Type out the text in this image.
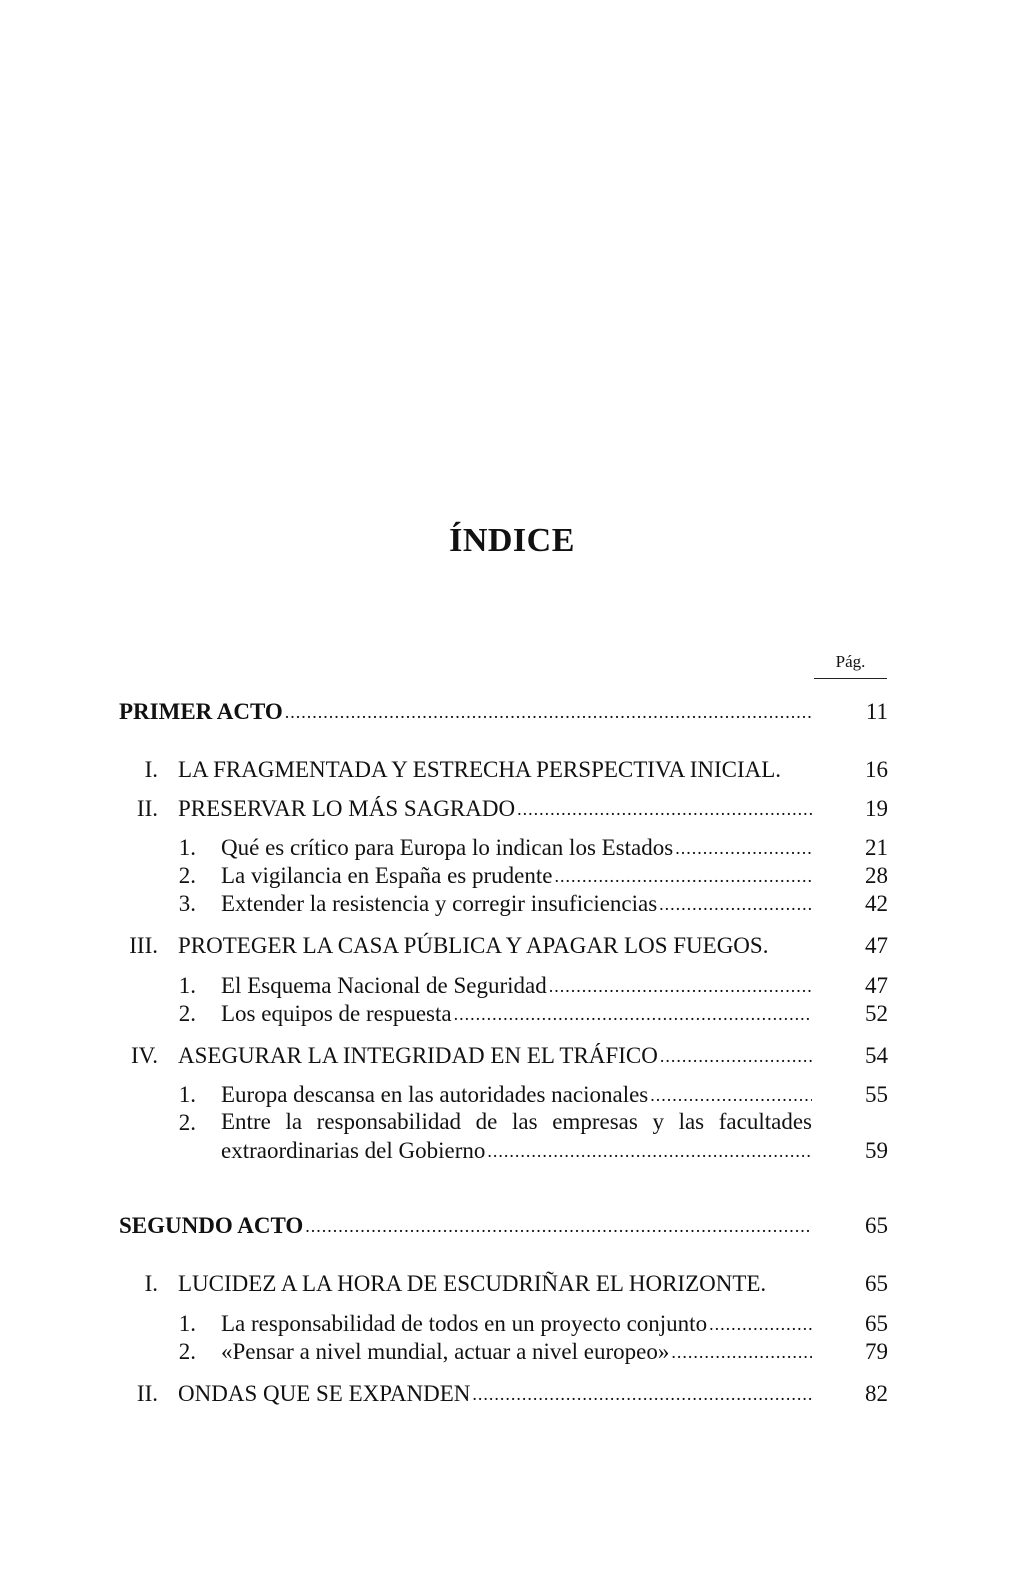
ÍNDICE
Pág.
PRIMER ACTO .....	11
I. LA FRAGMENTADA Y ESTRECHA PERSPECTIVA INICIAL.	16
II. PRESERVAR LO MÁS SAGRADO .....	19
1. Qué es crítico para Europa lo indican los Estados .....	21
2. La vigilancia en España es prudente .....	28
3. Extender la resistencia y corregir insuficiencias .....	42
III. PROTEGER LA CASA PÚBLICA Y APAGAR LOS FUEGOS.	47
1. El Esquema Nacional de Seguridad .....	47
2. Los equipos de respuesta .....	52
IV. ASEGURAR LA INTEGRIDAD EN EL TRÁFICO .....	54
1. Europa descansa en las autoridades nacionales .....	55
2. Entre la responsabilidad de las empresas y las facultades
extraordinarias del Gobierno .....	59
SEGUNDO ACTO .....	65
I. LUCIDEZ A LA HORA DE ESCUDRIÑAR EL HORIZONTE.	65
1. La responsabilidad de todos en un proyecto conjunto .....	65
2. «Pensar a nivel mundial, actuar a nivel europeo» .....	79
II. ONDAS QUE SE EXPANDEN .....	82
